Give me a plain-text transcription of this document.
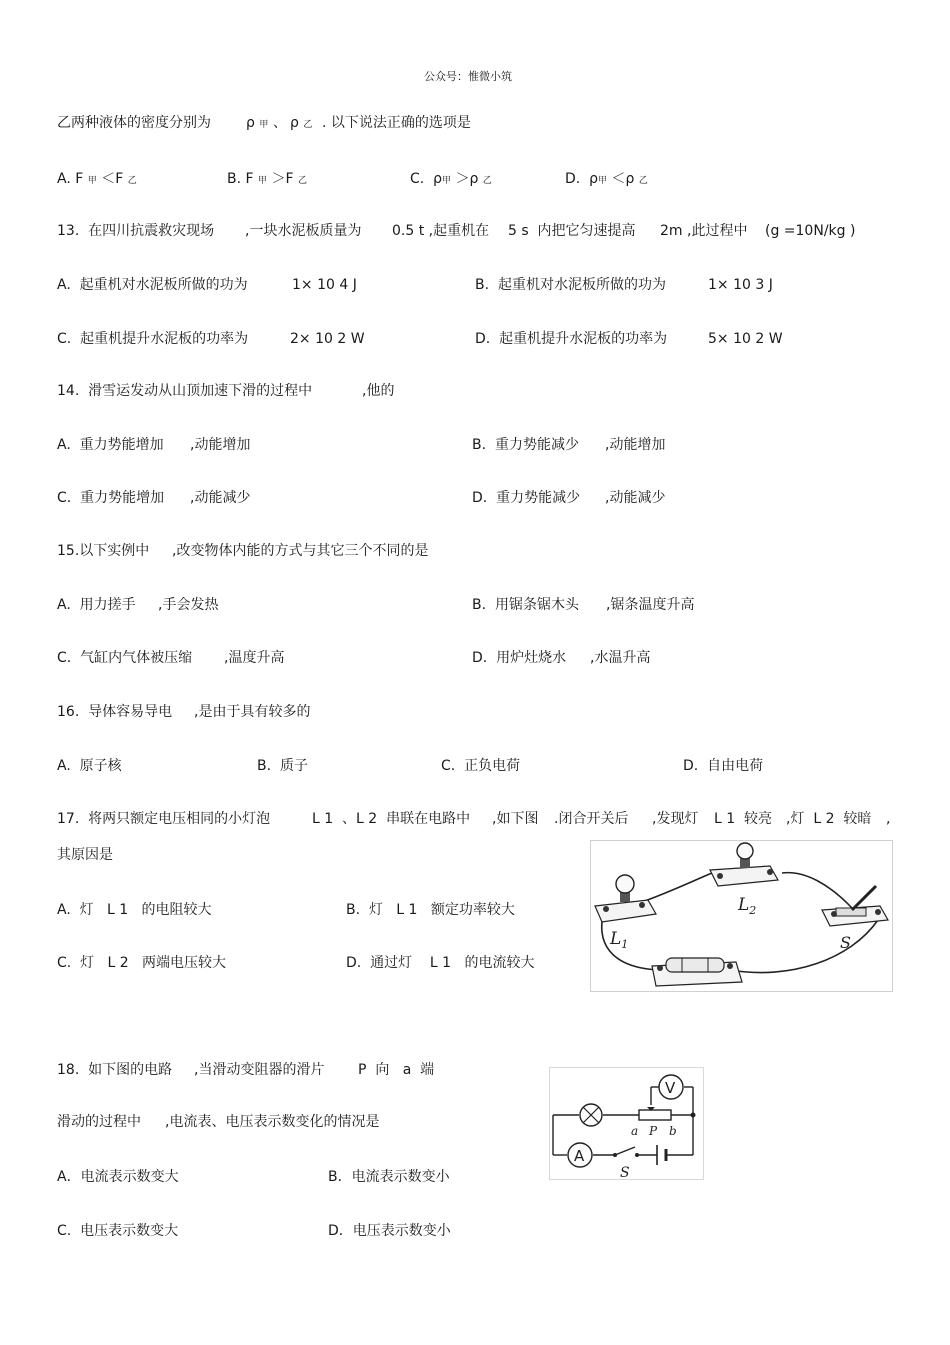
公众号：惟微小筑
乙两种液体的密度分别为	ρ 甲 、 ρ 乙 . 以下说法正确的选项是
A. F 甲 ＜F 乙	B. F 甲 ＞F 乙	C.  ρ甲 ＞ρ 乙	D.  ρ甲 ＜ρ 乙
13.  在四川抗震救灾现场 ,一块水泥板质量为 0.5 t ,起重机在 5 s  内把它匀速提高 2m ,此过程中 (g =10N/kg )
A.  起重机对水泥板所做的功为	1× 10 4 J	B.  起重机对水泥板所做的功为	1× 10 3 J
C.  起重机提升水泥板的功率为	2× 10 2 W	D.  起重机提升水泥板的功率为	5× 10 2 W
14.  滑雪运发动从山顶加速下滑的过程中	,他的
A.  重力势能增加 ,动能增加	B.  重力势能减少 ,动能增加
C.  重力势能增加 ,动能减少	D.  重力势能减少 ,动能减少
15.以下实例中 ,改变物体内能的方式与其它三个不同的是
A.  用力搓手 ,手会发热	B.  用锯条锯木头 ,锯条温度升高
C.  气缸内气体被压缩 ,温度升高	D.  用炉灶烧水 ,水温升高
16.  导体容易导电 ,是由于具有较多的
A.  原子核	B.  质子	C.  正负电荷	D.  自由电荷
17.  将两只额定电压相同的小灯泡	L 1  、L 2  串联在电路中 ,如下图 .闭合开关后 ,发现灯 L 1  较亮 ,灯  L 2  较暗 ,
其原因是
A.  灯   L 1   的电阻较大	B.  灯   L 1   额定功率较大
C.  灯   L 2   两端电压较大	D.  通过灯    L 1   的电流较大
$L_1$
$L_2$
S
18.  如下图的电路 ,当滑动变阻器的滑片 P  向   a  端
滑动的过程中 ,电流表、电压表示数变化的情况是
A．电流表示数变大	B．电流表示数变小
C.  电压表示数变大	D．电压表示数变小
V
A
a P b
S
